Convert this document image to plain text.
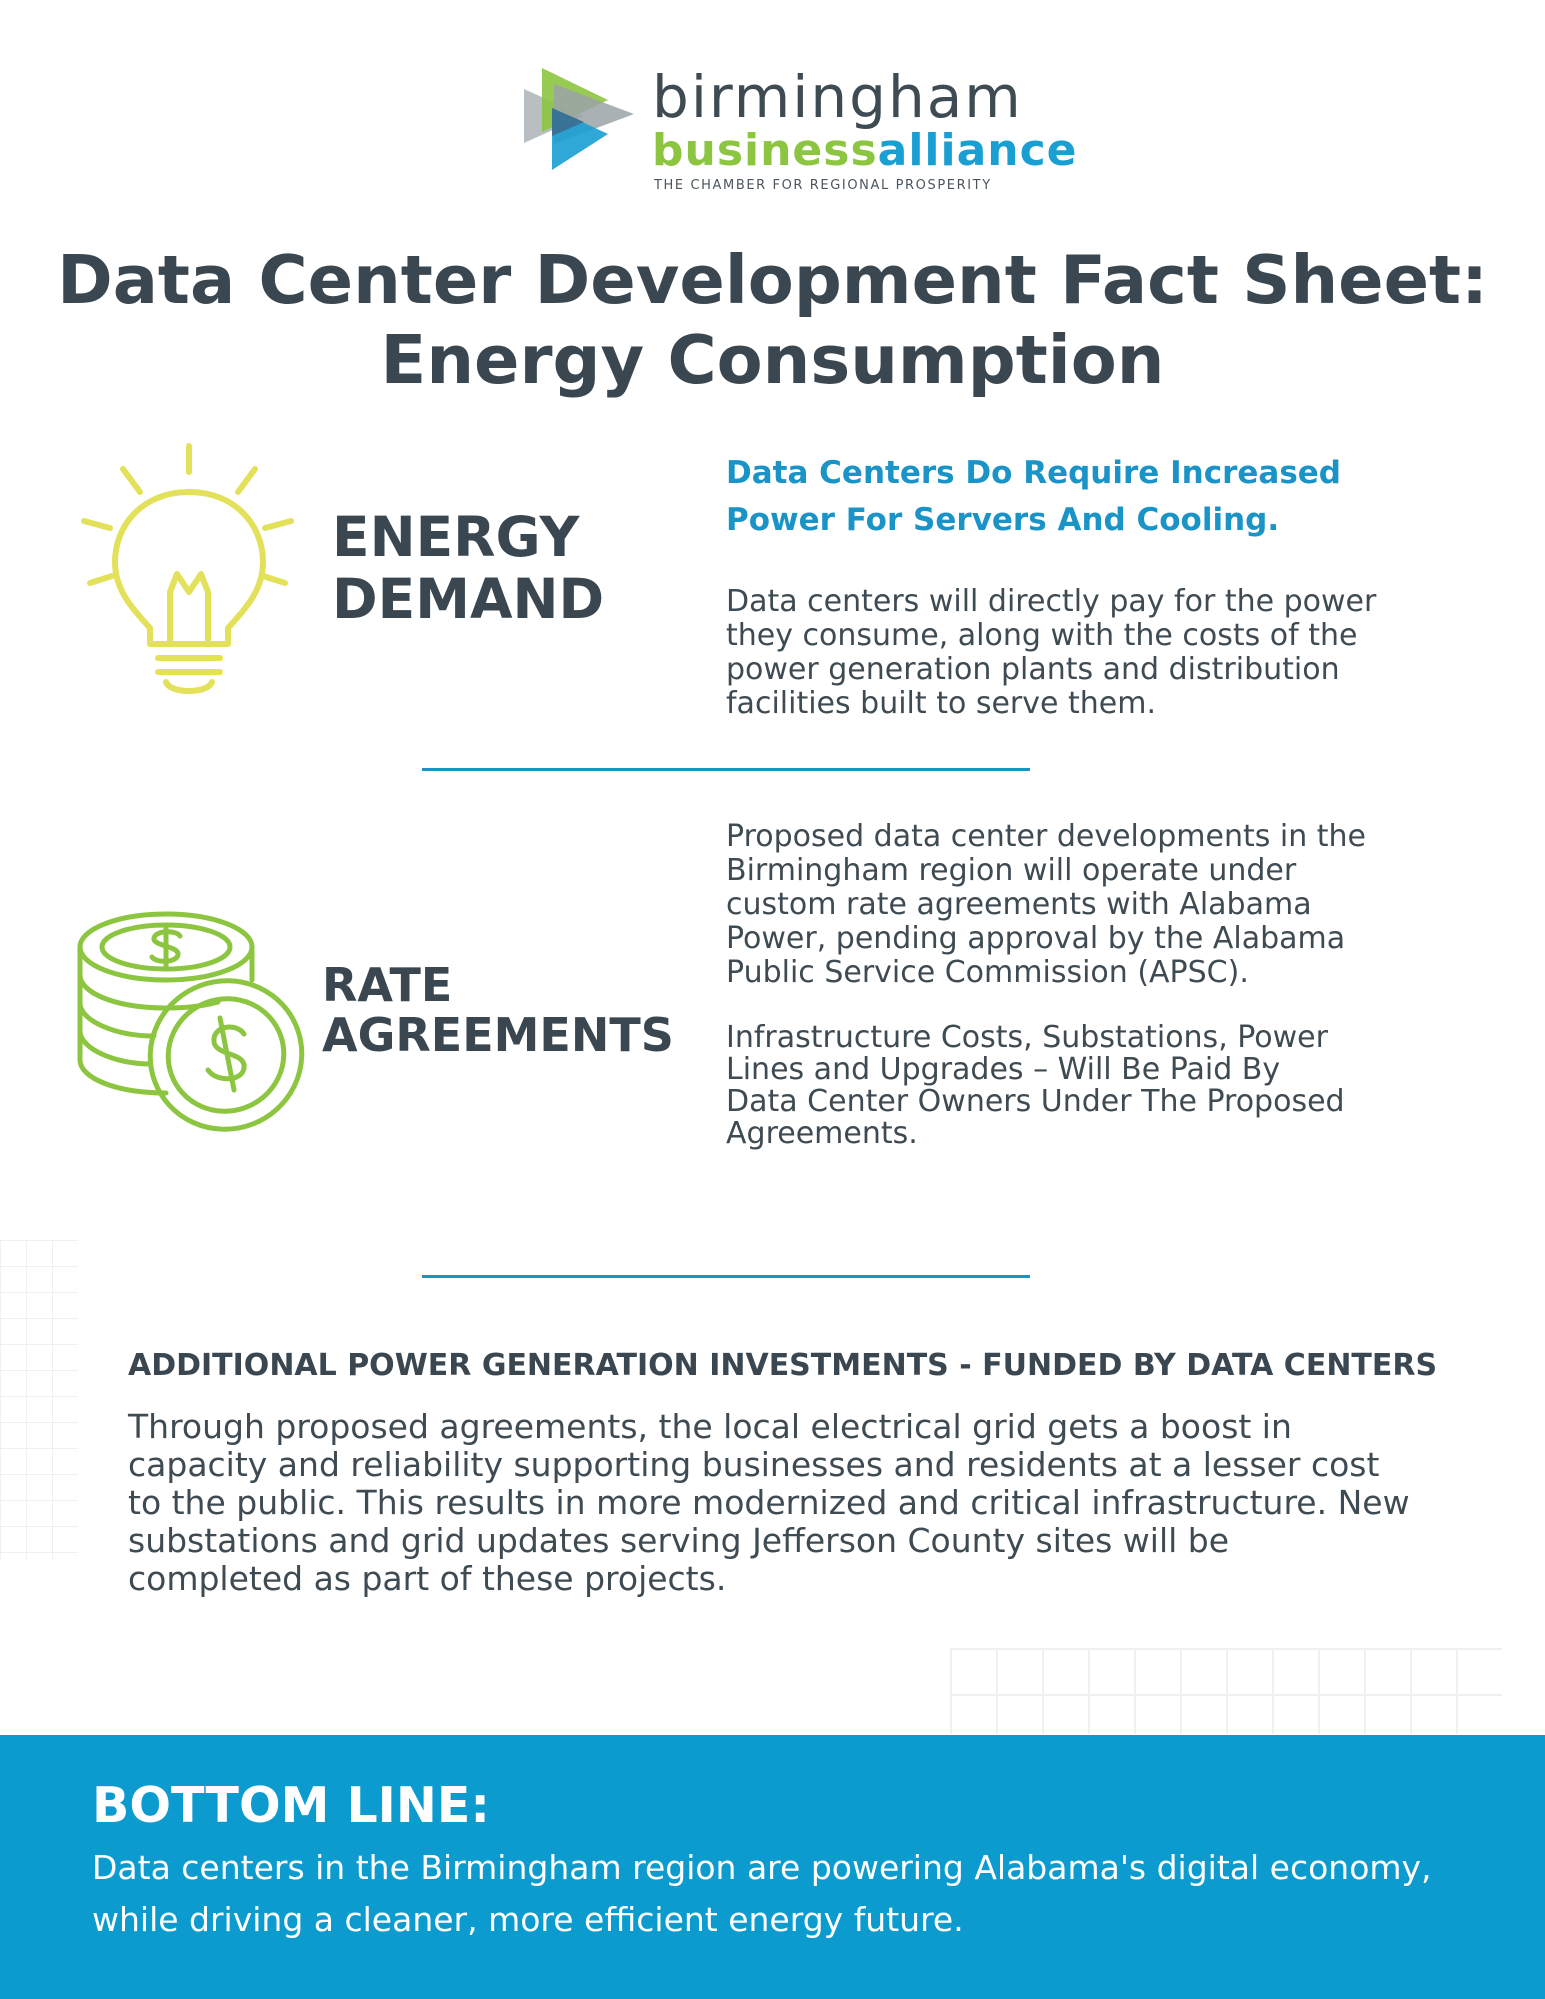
birmingham
businessalliance
THE CHAMBER FOR REGIONAL PROSPERITY
Data Center Development Fact Sheet:
Energy Consumption
ENERGY
DEMAND
Data Centers Do Require Increased
Power For Servers And Cooling.
Data centers will directly pay for the power
they consume, along with the costs of the
power generation plants and distribution
facilities built to serve them.
RATE
AGREEMENTS
Proposed data center developments in the
Birmingham region will operate under
custom rate agreements with Alabama
Power, pending approval by the Alabama
Public Service Commission (APSC).
Infrastructure Costs, Substations, Power
Lines and Upgrades – Will Be Paid By
Data Center Owners Under The Proposed
Agreements.
ADDITIONAL POWER GENERATION INVESTMENTS - FUNDED BY DATA CENTERS
Through proposed agreements, the local electrical grid gets a boost in
capacity and reliability supporting businesses and residents at a lesser cost
to the public. This results in more modernized and critical infrastructure. New
substations and grid updates serving Jefferson County sites will be
completed as part of these projects.
BOTTOM LINE:
Data centers in the Birmingham region are powering Alabama's digital economy,
while driving a cleaner, more efficient energy future.
